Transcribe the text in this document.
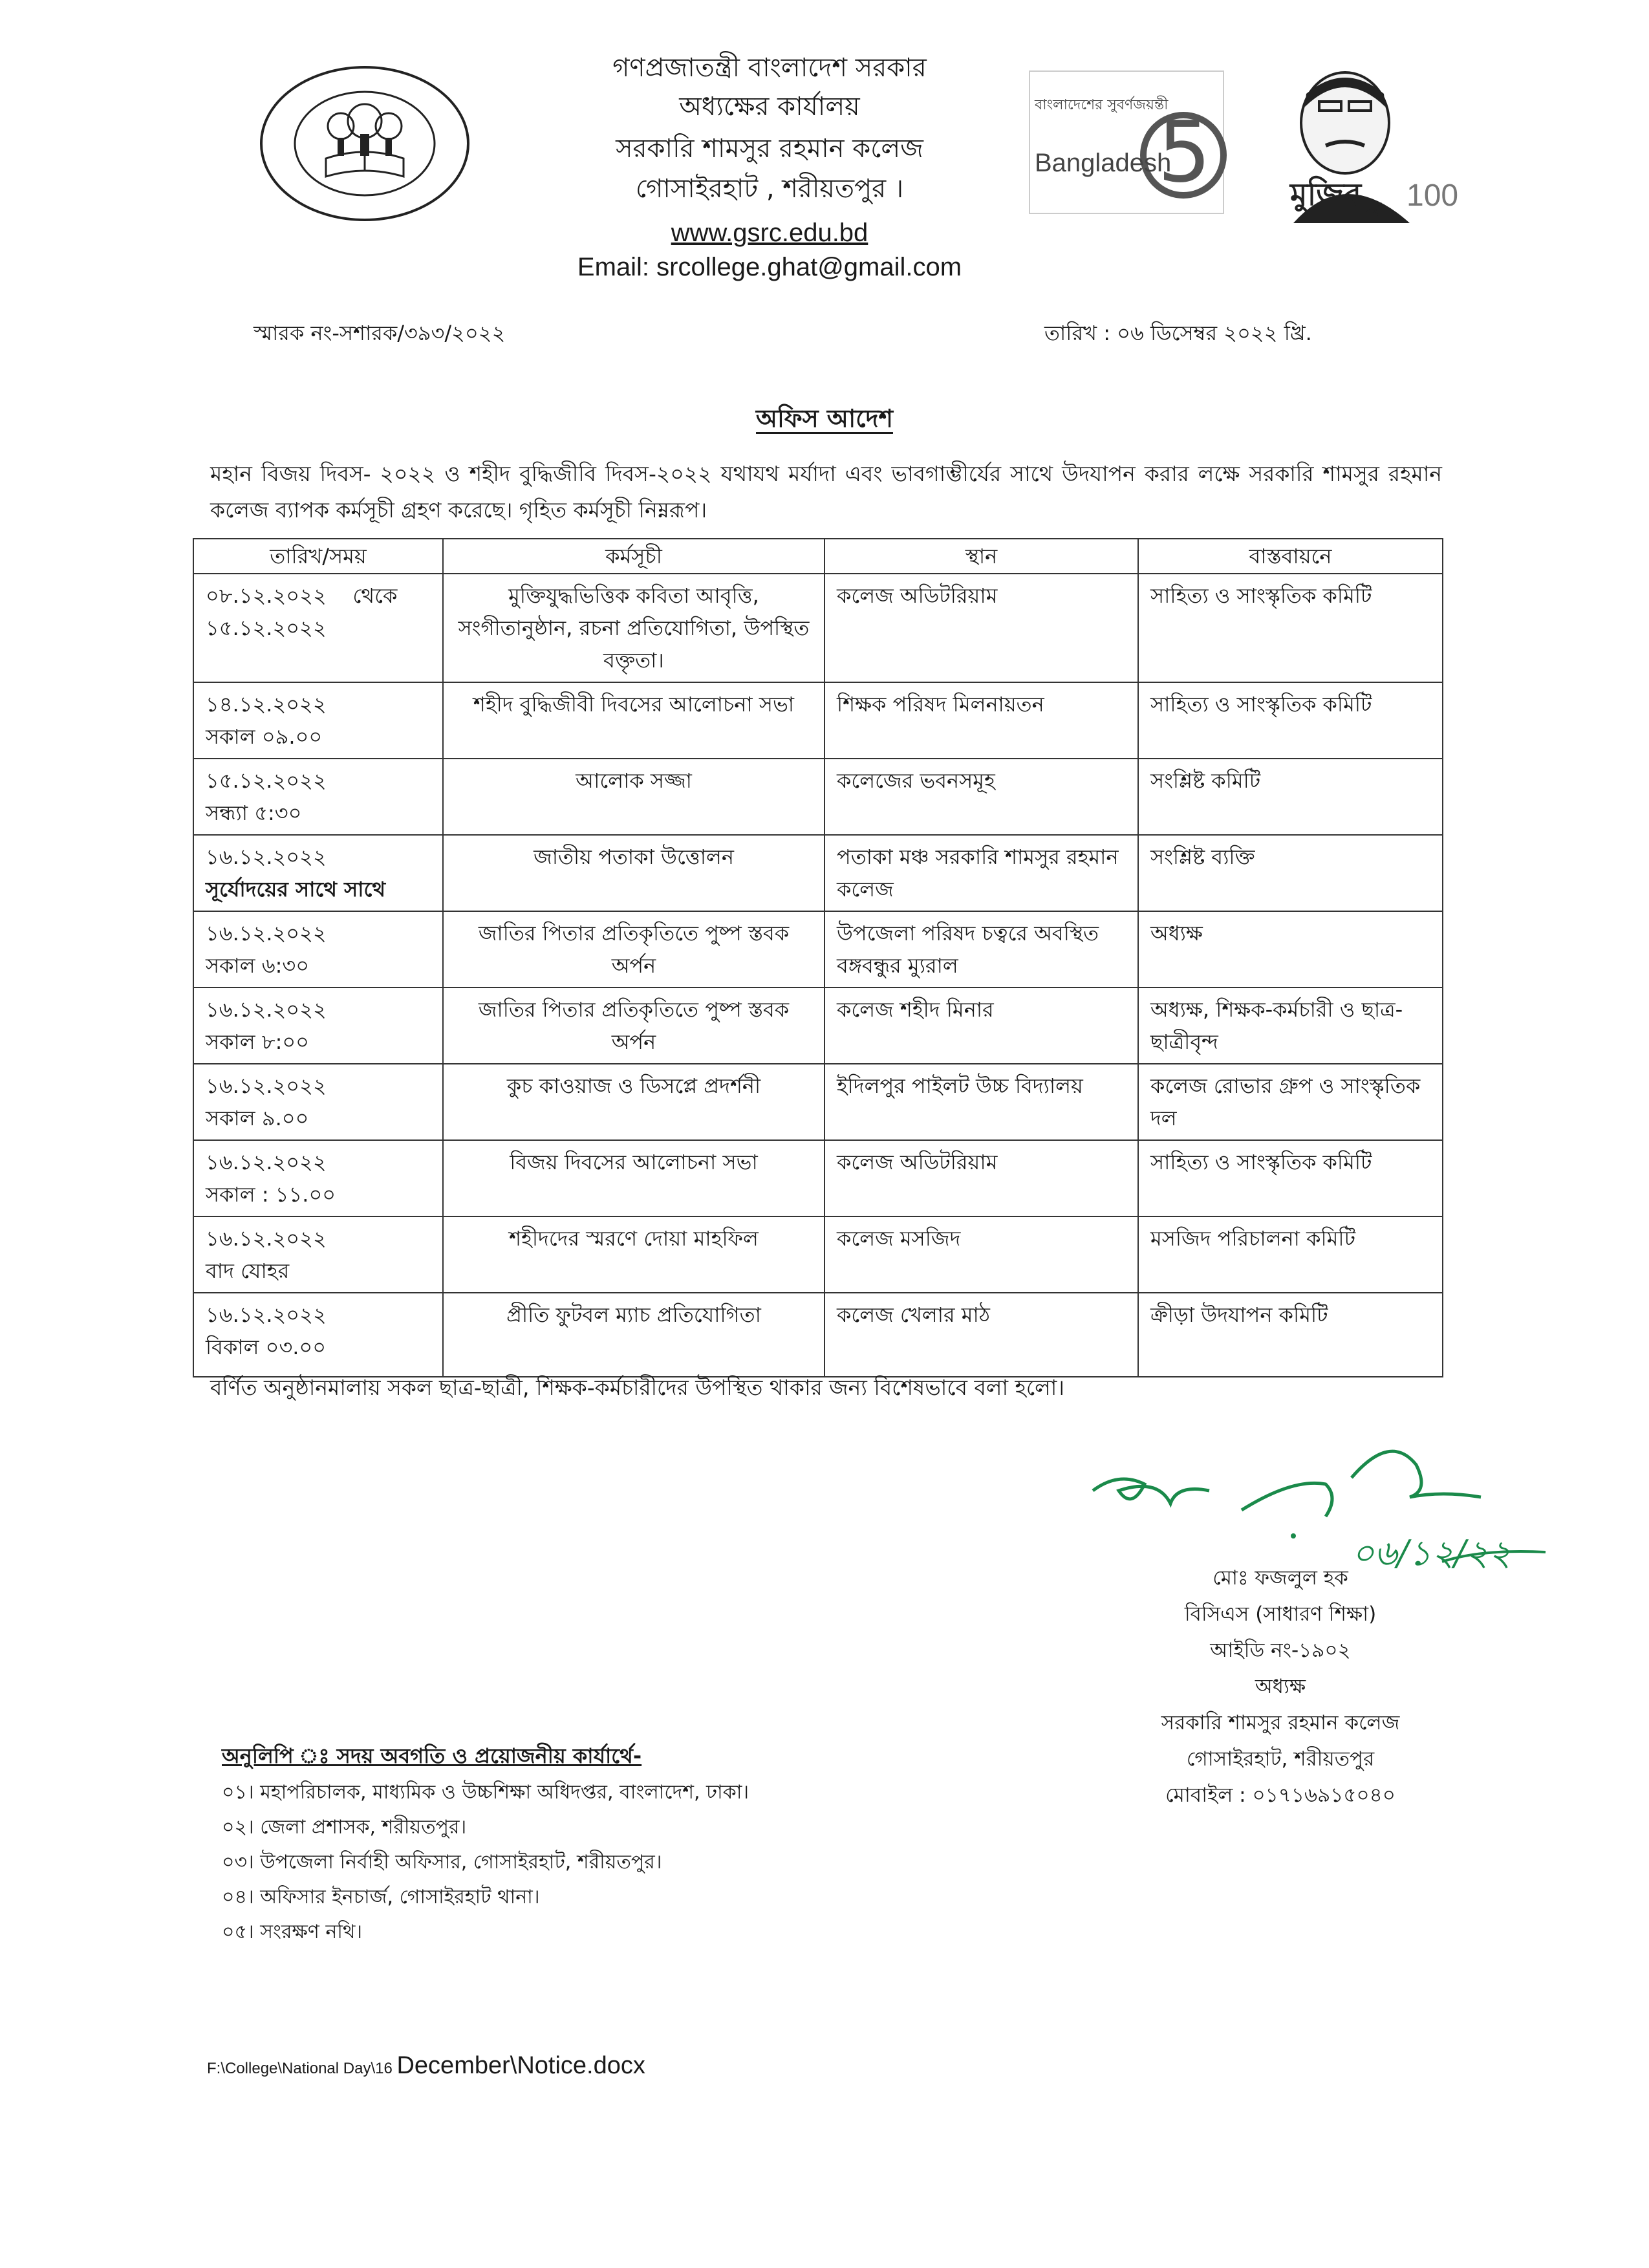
গণপ্রজাতন্ত্রী বাংলাদেশ সরকার
অধ্যক্ষের কার্যালয়
সরকারি শামসুর রহমান কলেজ
গোসাইরহাট , শরীয়তপুর ।
www.gsrc.edu.bd
Email: srcollege.ghat@gmail.com
5
বাংলাদেশের সুবর্ণজয়ন্তী
Bangladesh
মুজিব বর্ষ 100
স্মারক নং-সশারক/৩৯৩/২০২২	তারিখ : ০৬ ডিসেম্বর ২০২২ খ্রি.
অফিস আদেশ
মহান বিজয় দিবস- ২০২২ ও শহীদ বুদ্ধিজীবি দিবস-২০২২ যথাযথ মর্যাদা এবং ভাবগাম্ভীর্যের সাথে উদযাপন করার লক্ষে সরকারি শামসুর রহমান কলেজ ব্যাপক কর্মসূচী গ্রহণ করেছে। গৃহিত কর্মসূচী নিম্নরূপ।
তারিখ/সময়	কর্মসূচী	স্থান	বাস্তবায়নে

০৮.১২.২০২২    থেকে
১৫.১২.২০২২	মুক্তিযুদ্ধভিত্তিক কবিতা আবৃত্তি, সংগীতানুষ্ঠান, রচনা প্রতিযোগিতা, উপস্থিত বক্তৃতা।	কলেজ অডিটরিয়াম	সাহিত্য ও সাংস্কৃতিক কমিটি

১৪.১২.২০২২
সকাল ০৯.০০	শহীদ বুদ্ধিজীবী দিবসের আলোচনা সভা	শিক্ষক পরিষদ মিলনায়তন	সাহিত্য ও সাংস্কৃতিক কমিটি

১৫.১২.২০২২
সন্ধ্যা ৫:৩০	আলোক সজ্জা	কলেজের ভবনসমূহ	সংশ্লিষ্ট কমিটি

১৬.১২.২০২২
সূর্যোদয়ের সাথে সাথে	জাতীয় পতাকা উত্তোলন	পতাকা মঞ্চ সরকারি শামসুর রহমান কলেজ	সংশ্লিষ্ট ব্যক্তি

১৬.১২.২০২২
সকাল ৬:৩০	জাতির পিতার প্রতিকৃতিতে পুষ্প স্তবক অর্পন	উপজেলা পরিষদ চত্বরে অবস্থিত বঙ্গবন্ধুর ম্যুরাল	অধ্যক্ষ

১৬.১২.২০২২
সকাল ৮:০০	জাতির পিতার প্রতিকৃতিতে পুষ্প স্তবক অর্পন	কলেজ শহীদ মিনার	অধ্যক্ষ, শিক্ষক-কর্মচারী ও ছাত্র-ছাত্রীবৃন্দ

১৬.১২.২০২২
সকাল ৯.০০	কুচ কাওয়াজ ও ডিসপ্লে প্রদর্শনী	ইদিলপুর পাইলট উচ্চ বিদ্যালয়	কলেজ রোভার গ্রুপ ও সাংস্কৃতিক দল

১৬.১২.২০২২
সকাল : ১১.০০	বিজয় দিবসের আলোচনা সভা	কলেজ অডিটরিয়াম	সাহিত্য ও সাংস্কৃতিক কমিটি

১৬.১২.২০২২
বাদ যোহর	শহীদদের স্মরণে দোয়া মাহফিল	কলেজ মসজিদ	মসজিদ পরিচালনা কমিটি

১৬.১২.২০২২
বিকাল ০৩.০০	প্রীতি ফুটবল ম্যাচ প্রতিযোগিতা	কলেজ খেলার মাঠ	ক্রীড়া উদযাপন কমিটি
বর্ণিত অনুষ্ঠানমালায় সকল ছাত্র-ছাত্রী, শিক্ষক-কর্মচারীদের উপস্থিত থাকার জন্য বিশেষভাবে বলা হলো।
০৬/১২/২২
মোঃ ফজলুল হক
বিসিএস (সাধারণ শিক্ষা)
আইডি নং-১৯০২
অধ্যক্ষ
সরকারি শামসুর রহমান কলেজ
গোসাইরহাট, শরীয়তপুর
মোবাইল : ০১৭১৬৯১৫০৪০
অনুলিপি ঃ সদয় অবগতি ও প্রয়োজনীয় কার্যার্থে-
০১। মহাপরিচালক, মাধ্যমিক ও উচ্চশিক্ষা অধিদপ্তর, বাংলাদেশ, ঢাকা।
০২। জেলা প্রশাসক, শরীয়তপুর।
০৩। উপজেলা নির্বাহী অফিসার, গোসাইরহাট, শরীয়তপুর।
০৪। অফিসার ইনচার্জ, গোসাইরহাট থানা।
০৫। সংরক্ষণ নথি।
F:\College\National Day\16 December\Notice.docx
